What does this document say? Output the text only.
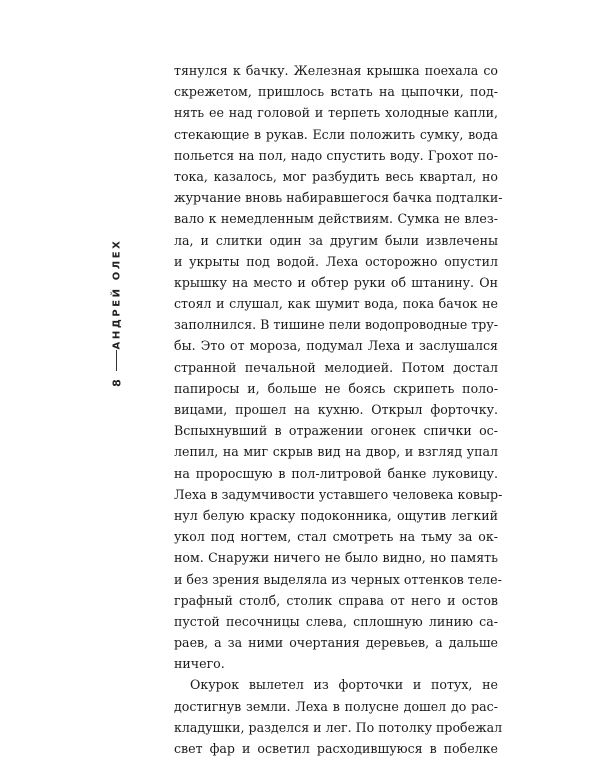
АНДРЕЙ ОЛЕХ
8
тянулся к бачку. Железная крышка поехала со
скрежетом, пришлось встать на цыпочки, под-
нять ее над головой и терпеть холодные капли,
стекающие в рукав. Если положить сумку, вода
польется на пол, надо спустить воду. Грохот по-
тока, казалось, мог разбудить весь квартал, но
журчание вновь набиравшегося бачка подталки-
вало к немедленным действиям. Сумка не влез-
ла, и слитки один за другим были извлечены
и укрыты под водой. Леха осторожно опустил
крышку на место и обтер руки об штанину. Он
стоял и слушал, как шумит вода, пока бачок не
заполнился. В тишине пели водопроводные тру-
бы. Это от мороза, подумал Леха и заслушался
странной печальной мелодией. Потом достал
папиросы и, больше не боясь скрипеть поло-
вицами, прошел на кухню. Открыл форточку.
Вспыхнувший в отражении огонек спички ос-
лепил, на миг скрыв вид на двор, и взгляд упал
на проросшую в пол-литровой банке луковицу.
Леха в задумчивости уставшего человека ковыр-
нул белую краску подоконника, ощутив легкий
укол под ногтем, стал смотреть на тьму за ок-
ном. Снаружи ничего не было видно, но память
и без зрения выделяла из черных оттенков теле-
графный столб, столик справа от него и остов
пустой песочницы слева, сплошную линию са-
раев, а за ними очертания деревьев, а дальше
ничего.
Окурок вылетел из форточки и потух, не
достигнув земли. Леха в полусне дошел до рас-
кладушки, разделся и лег. По потолку пробежал
свет фар и осветил расходившуюся в побелке
